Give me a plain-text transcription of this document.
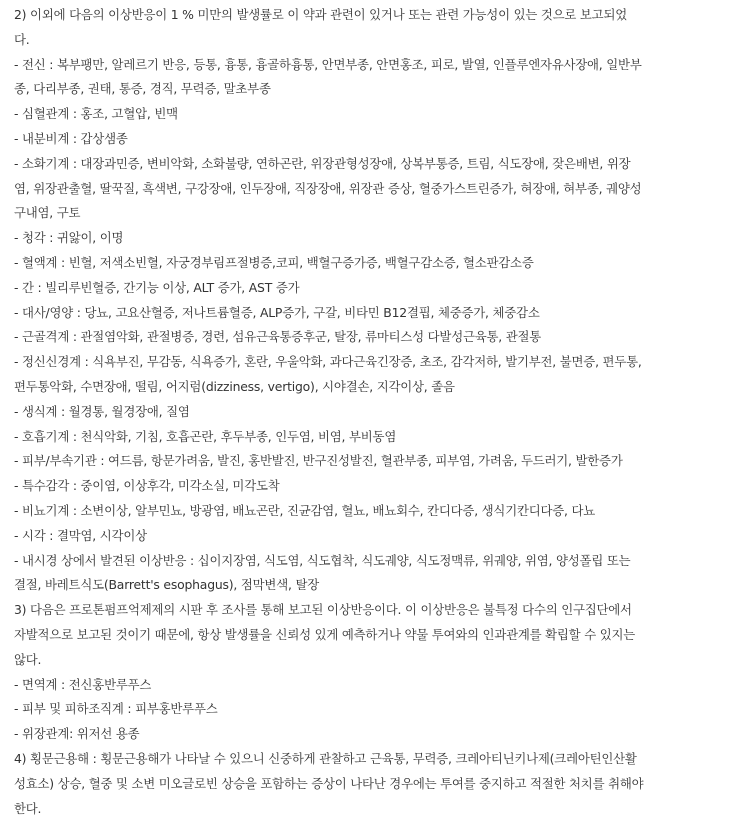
2) 이외에 다음의 이상반응이 1 % 미만의 발생률로 이 약과 관련이 있거나 또는 관련 가능성이 있는 것으로 보고되었
다.
- 전신 : 복부팽만, 알레르기 반응, 등통, 흉통, 흉골하흉통, 안면부종, 안면홍조, 피로, 발열, 인플루엔자유사장애, 일반부
종, 다리부종, 권태, 통증, 경직, 무력증, 말초부종
- 심혈관계 : 홍조, 고혈압, 빈맥
- 내분비계 : 갑상샘종
- 소화기계 : 대장과민증, 변비악화, 소화불량, 연하곤란, 위장관형성장애, 상복부통증, 트림, 식도장애, 잦은배변, 위장
염, 위장관출혈, 딸꾹질, 흑색변, 구강장애, 인두장애, 직장장애, 위장관 증상, 혈중가스트린증가, 혀장애, 혀부종, 궤양성
구내염, 구토
- 청각 : 귀앓이, 이명
- 혈액계 : 빈혈, 저색소빈혈, 자궁경부림프절병증,코피, 백혈구증가증, 백혈구감소증, 혈소판감소증
- 간 : 빌리루빈혈증, 간기능 이상, ALT 증가, AST 증가
- 대사/영양 : 당뇨, 고요산혈증, 저나트륨혈증, ALP증가, 구갈, 비타민 B12결핍, 체중증가, 체중감소
- 근골격계 : 관절염악화, 관절병증, 경련, 섬유근육통증후군, 탈장, 류마티스성 다발성근육통, 관절통
- 정신신경계 : 식욕부진, 무감동, 식욕증가, 혼란, 우울악화, 과다근육긴장증, 초조, 감각저하, 발기부전, 불면증, 편두통,
편두통악화, 수면장애, 떨림, 어지럼(dizziness, vertigo), 시야결손, 지각이상, 졸음
- 생식계 : 월경통, 월경장애, 질염
- 호흡기계 : 천식악화, 기침, 호흡곤란, 후두부종, 인두염, 비염, 부비동염
- 피부/부속기관 : 여드름, 항문가려움, 발진, 홍반발진, 반구진성발진, 혈관부종, 피부염, 가려움, 두드러기, 발한증가
- 특수감각 : 중이염, 이상후각, 미각소실, 미각도착
- 비뇨기계 : 소변이상, 알부민뇨, 방광염, 배뇨곤란, 진균감염, 혈뇨, 배뇨회수, 칸디다증, 생식기칸디다증, 다뇨
- 시각 : 결막염, 시각이상
- 내시경 상에서 발견된 이상반응 : 십이지장염, 식도염, 식도협착, 식도궤양, 식도정맥류, 위궤양, 위염, 양성폴립 또는
결절, 바레트식도(Barrett's esophagus), 점막변색, 탈장
3) 다음은 프로톤펌프억제제의 시판 후 조사를 통해 보고된 이상반응이다. 이 이상반응은 불특정 다수의 인구집단에서
자발적으로 보고된 것이기 때문에, 항상 발생률을 신뢰성 있게 예측하거나 약물 투여와의 인과관계를 확립할 수 있지는
않다.
- 면역계 : 전신홍반루푸스
- 피부 및 피하조직계 : 피부홍반루푸스
- 위장관계: 위저선 용종
4) 횡문근용해 : 횡문근용해가 나타날 수 있으니 신중하게 관찰하고 근육통, 무력증, 크레아티닌키나제(크레아틴인산활
성효소) 상승, 혈중 및 소변 미오글로빈 상승을 포함하는 증상이 나타난 경우에는 투여를 중지하고 적절한 처치를 취해야
한다.
